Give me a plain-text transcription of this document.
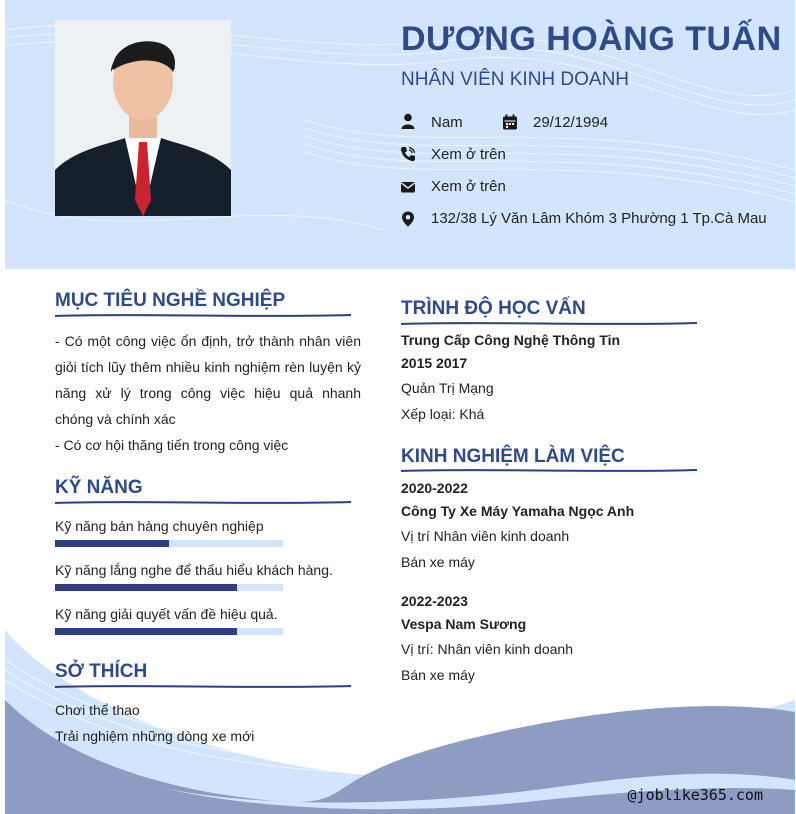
DƯƠNG HOÀNG TUẤN
NHÂN VIÊN KINH DOANH
Nam	29/12/1994
Xem ở trên
Xem ở trên
132/38 Lý Văn Lâm Khóm 3 Phường 1 Tp.Cà Mau
MỤC TIÊU NGHỀ NGHIỆP
- Có một công việc ổn định, trở thành nhân viên giỏi tích lũy thêm nhiều kinh nghiệm rèn luyện kỷ năng xử lý trong công việc hiệu quả nhanh chóng và chính xác
- Có cơ hội thăng tiến trong công việc
KỸ NĂNG
Kỹ năng bán hàng chuyên nghiệp
Kỹ năng lắng nghe để thấu hiểu khách hàng.
Kỹ năng giải quyết vấn đề hiệu quả.
SỞ THÍCH
Chơi thể thao
Trải nghiệm những dòng xe mới
TRÌNH ĐỘ HỌC VẤN
Trung Cấp Công Nghệ Thông Tin
2015 2017
Quản Trị Mạng
Xếp loại: Khá
KINH NGHIỆM LÀM VIỆC
2020-2022
Công Ty Xe Máy Yamaha Ngọc Anh
Vị trí Nhân viên kinh doanh
Bán xe máy
2022-2023
Vespa Nam Sương
Vị trí: Nhân viên kinh doanh
Bán xe máy
@joblike365.com
